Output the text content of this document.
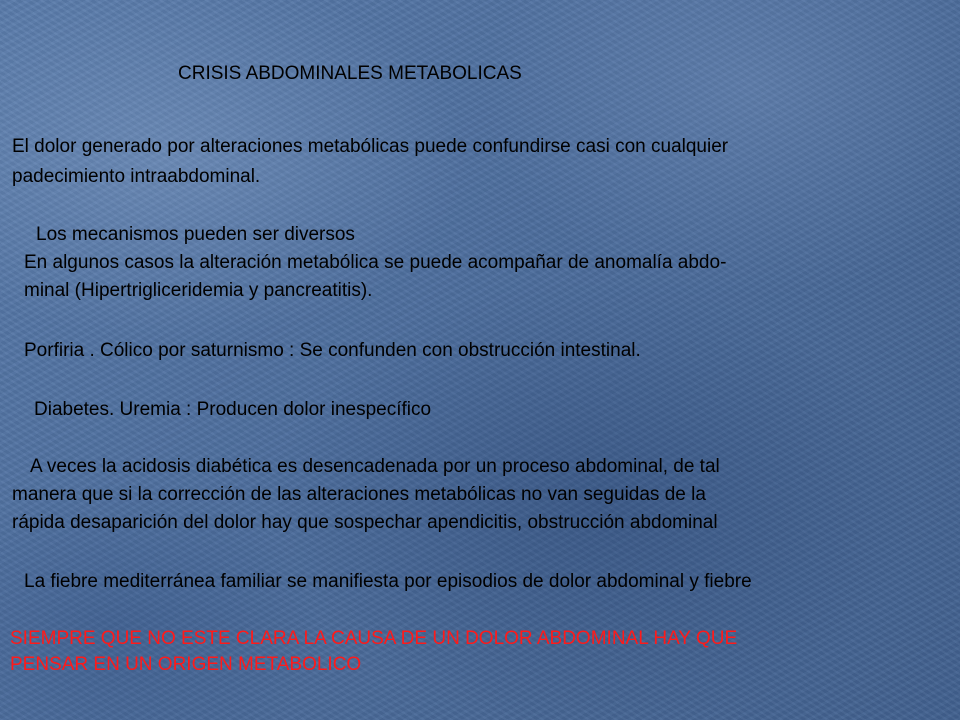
CRISIS ABDOMINALES METABOLICAS

El dolor generado por alteraciones metabólicas puede confundirse casi con cualquier

padecimiento intraabdominal.

Los mecanismos pueden ser diversos

En algunos casos la alteración metabólica se puede acompañar de anomalía abdo-

minal (Hipertrigliceridemia y pancreatitis).

Porfiria . Cólico por saturnismo : Se confunden con obstrucción intestinal.

Diabetes. Uremia : Producen dolor inespecífico

A veces la acidosis diabética es desencadenada por un proceso abdominal, de tal

manera que si la corrección de las alteraciones metabólicas no van seguidas de la

rápida desaparición del dolor hay que sospechar apendicitis, obstrucción abdominal

La fiebre mediterránea familiar se manifiesta por episodios de dolor abdominal y fiebre

SIEMPRE QUE NO ESTE CLARA LA CAUSA DE UN DOLOR ABDOMINAL HAY QUE

PENSAR EN UN ORIGEN METABOLICO
